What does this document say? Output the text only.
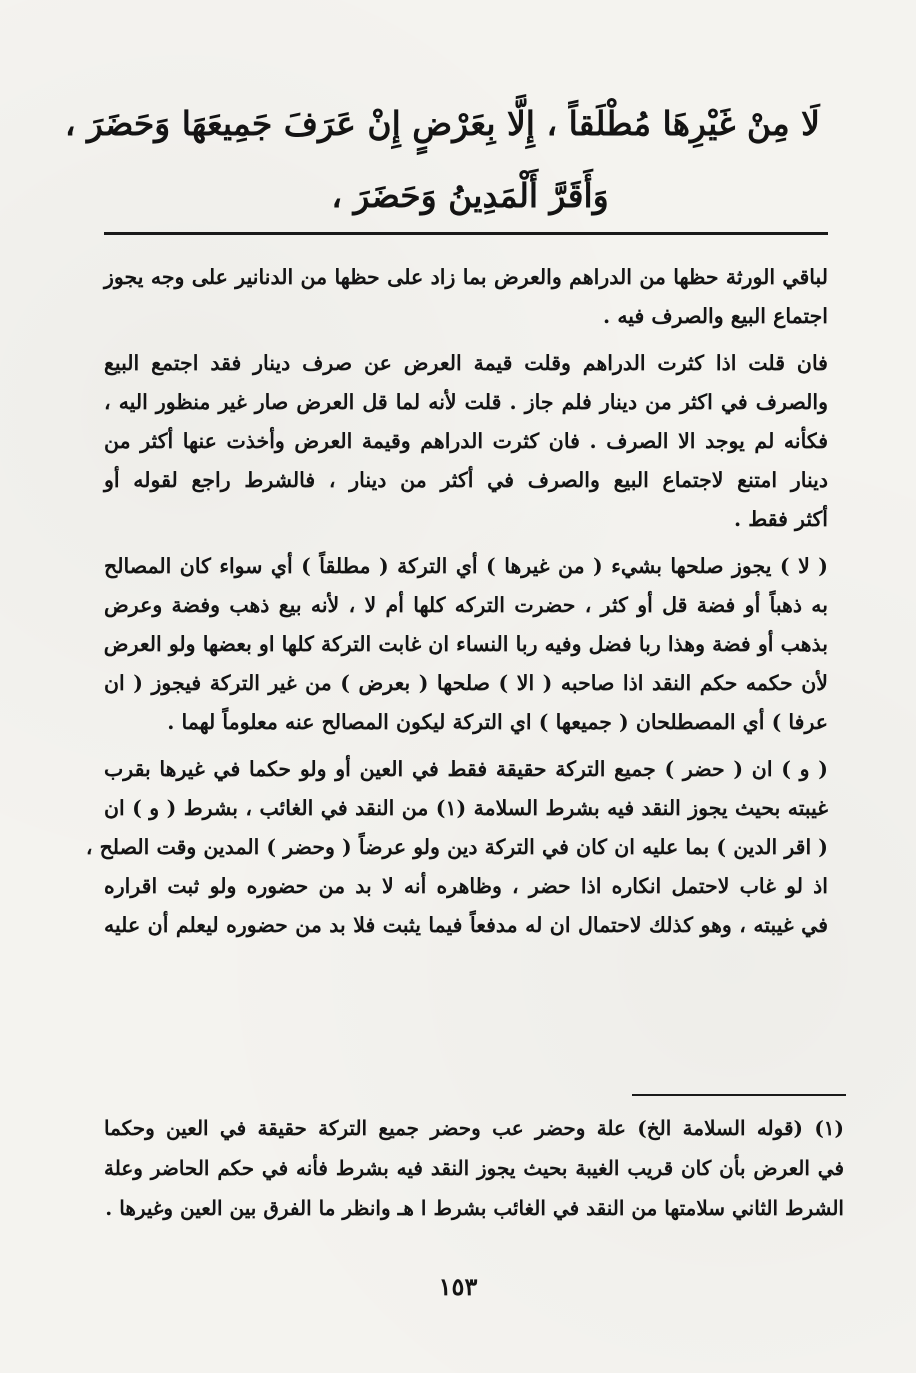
لَا مِنْ غَيْرِهَا مُطْلَقاً ، إِلَّا بِعَرْضٍ إِنْ عَرَفَ جَمِيعَهَا وَحَضَرَ ،
وَأَقَرَّ أَلْمَدِينُ وَحَضَرَ ،
لباقي الورثة حظها من الدراهم والعرض بما زاد على حظها من الدنانير على وجه يجوز
اجتماع البيع والصرف فيه .
فان قلت اذا كثرت الدراهم وقلت قيمة العرض عن صرف دينار فقد اجتمع البيع
والصرف في اكثر من دينار فلم جاز . قلت لأنه لما قل العرض صار غير منظور اليه ،
فكأنه لم يوجد الا الصرف . فان كثرت الدراهم وقيمة العرض وأخذت عنها أكثر من
دينار امتنع لاجتماع البيع والصرف في أكثر من دينار ، فالشرط راجع لقوله أو
أكثر فقط .
( لا ) يجوز صلحها بشيء ( من غيرها ) أي التركة ( مطلقاً ) أي سواء كان المصالح
به ذهباً أو فضة قل أو كثر ، حضرت التركه كلها أم لا ، لأنه بيع ذهب وفضة وعرض
بذهب أو فضة وهذا ربا فضل وفيه ربا النساء ان غابت التركة كلها او بعضها ولو العرض
لأن حكمه حكم النقد اذا صاحبه ( الا ) صلحها ( بعرض ) من غير التركة فيجوز ( ان
عرفا ) أي المصطلحان ( جميعها ) اي التركة ليكون المصالح عنه معلوماً لهما .
( و ) ان ( حضر ) جميع التركة حقيقة فقط في العين أو ولو حكما في غيرها بقرب
غيبته بحيث يجوز النقد فيه بشرط السلامة (١) من النقد في الغائب ، بشرط ( و ) ان
( اقر الدين ) بما عليه ان كان في التركة دين ولو عرضاً ( وحضر ) المدين وقت الصلح ،
اذ لو غاب لاحتمل انكاره اذا حضر ، وظاهره أنه لا بد من حضوره ولو ثبت اقراره
في غيبته ، وهو كذلك لاحتمال ان له مدفعاً فيما يثبت فلا بد من حضوره ليعلم أن عليه
(١) (قوله السلامة الخ) علة وحضر عب وحضر جميع التركة حقيقة في العين وحكما
في العرض بأن كان قريب الغيبة بحيث يجوز النقد فيه بشرط فأنه في حكم الحاضر وعلة
الشرط الثاني سلامتها من النقد في الغائب بشرط ا هـ وانظر ما الفرق بين العين وغيرها .
١٥٣
